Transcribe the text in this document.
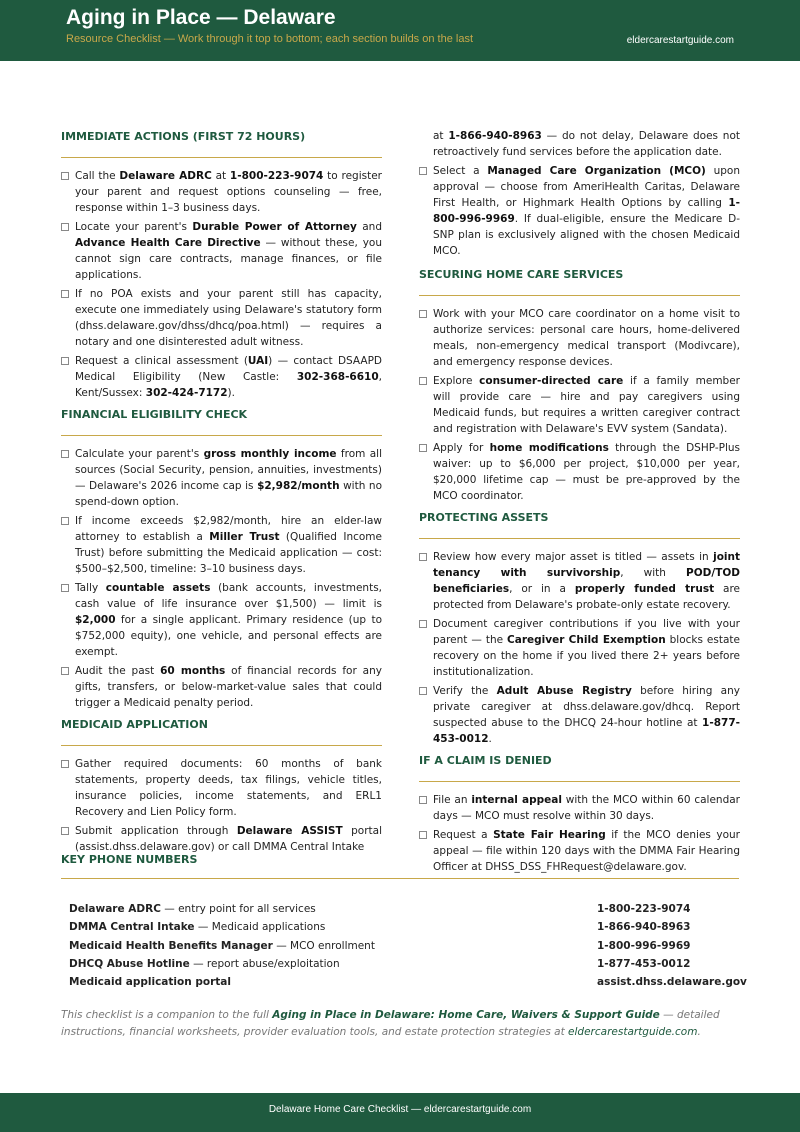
Aging in Place — Delaware
Resource Checklist — Work through it top to bottom; each section builds on the last	eldercarestartguide.com
IMMEDIATE ACTIONS (FIRST 72 HOURS)
Call the Delaware ADRC at 1-800-223-9074 to register your parent and request options counseling — free, response within 1–3 business days.
Locate your parent's Durable Power of Attorney and Advance Health Care Directive — without these, you cannot sign care contracts, manage finances, or file applications.
If no POA exists and your parent still has capacity, execute one immediately using Delaware's statutory form (dhss.delaware.gov/dhss/dhcq/poa.html) — requires a notary and one disinterested adult witness.
Request a clinical assessment (UAI) — contact DSAAPD Medical Eligibility (New Castle: 302-368-6610, Kent/Sussex: 302-424-7172).
FINANCIAL ELIGIBILITY CHECK
Calculate your parent's gross monthly income from all sources (Social Security, pension, annuities, investments) — Delaware's 2026 income cap is $2,982/month with no spend-down option.
If income exceeds $2,982/month, hire an elder-law attorney to establish a Miller Trust (Qualified Income Trust) before submitting the Medicaid application — cost: $500–$2,500, timeline: 3–10 business days.
Tally countable assets (bank accounts, investments, cash value of life insurance over $1,500) — limit is $2,000 for a single applicant. Primary residence (up to $752,000 equity), one vehicle, and personal effects are exempt.
Audit the past 60 months of financial records for any gifts, transfers, or below-market-value sales that could trigger a Medicaid penalty period.
MEDICAID APPLICATION
Gather required documents: 60 months of bank statements, property deeds, tax filings, vehicle titles, insurance policies, income statements, and ERL1 Recovery and Lien Policy form.
Submit application through Delaware ASSIST portal (assist.dhss.delaware.gov) or call DMMA Central Intake
at 1-866-940-8963 — do not delay, Delaware does not retroactively fund services before the application date.
Select a Managed Care Organization (MCO) upon approval — choose from AmeriHealth Caritas, Delaware First Health, or Highmark Health Options by calling 1-800-996-9969. If dual-eligible, ensure the Medicare D-SNP plan is exclusively aligned with the chosen Medicaid MCO.
SECURING HOME CARE SERVICES
Work with your MCO care coordinator on a home visit to authorize services: personal care hours, home-delivered meals, non-emergency medical transport (Modivcare), and emergency response devices.
Explore consumer-directed care if a family member will provide care — hire and pay caregivers using Medicaid funds, but requires a written caregiver contract and registration with Delaware's EVV system (Sandata).
Apply for home modifications through the DSHP-Plus waiver: up to $6,000 per project, $10,000 per year, $20,000 lifetime cap — must be pre-approved by the MCO coordinator.
PROTECTING ASSETS
Review how every major asset is titled — assets in joint tenancy with survivorship, with POD/TOD beneficiaries, or in a properly funded trust are protected from Delaware's probate-only estate recovery.
Document caregiver contributions if you live with your parent — the Caregiver Child Exemption blocks estate recovery on the home if you lived there 2+ years before institutionalization.
Verify the Adult Abuse Registry before hiring any private caregiver at dhss.delaware.gov/dhcq. Report suspected abuse to the DHCQ 24-hour hotline at 1-877-453-0012.
IF A CLAIM IS DENIED
File an internal appeal with the MCO within 60 calendar days — MCO must resolve within 30 days.
Request a State Fair Hearing if the MCO denies your appeal — file within 120 days with the DMMA Fair Hearing Officer at DHSS_DSS_FHRequest@delaware.gov.
KEY PHONE NUMBERS
Delaware ADRC — entry point for all services	1-800-223-9074
DMMA Central Intake — Medicaid applications	1-866-940-8963
Medicaid Health Benefits Manager — MCO enrollment	1-800-996-9969
DHCQ Abuse Hotline — report abuse/exploitation	1-877-453-0012
Medicaid application portal	assist.dhss.delaware.gov
This checklist is a companion to the full Aging in Place in Delaware: Home Care, Waivers & Support Guide — detailed instructions, financial worksheets, provider evaluation tools, and estate protection strategies at eldercarestartguide.com.
Delaware Home Care Checklist — eldercarestartguide.com
